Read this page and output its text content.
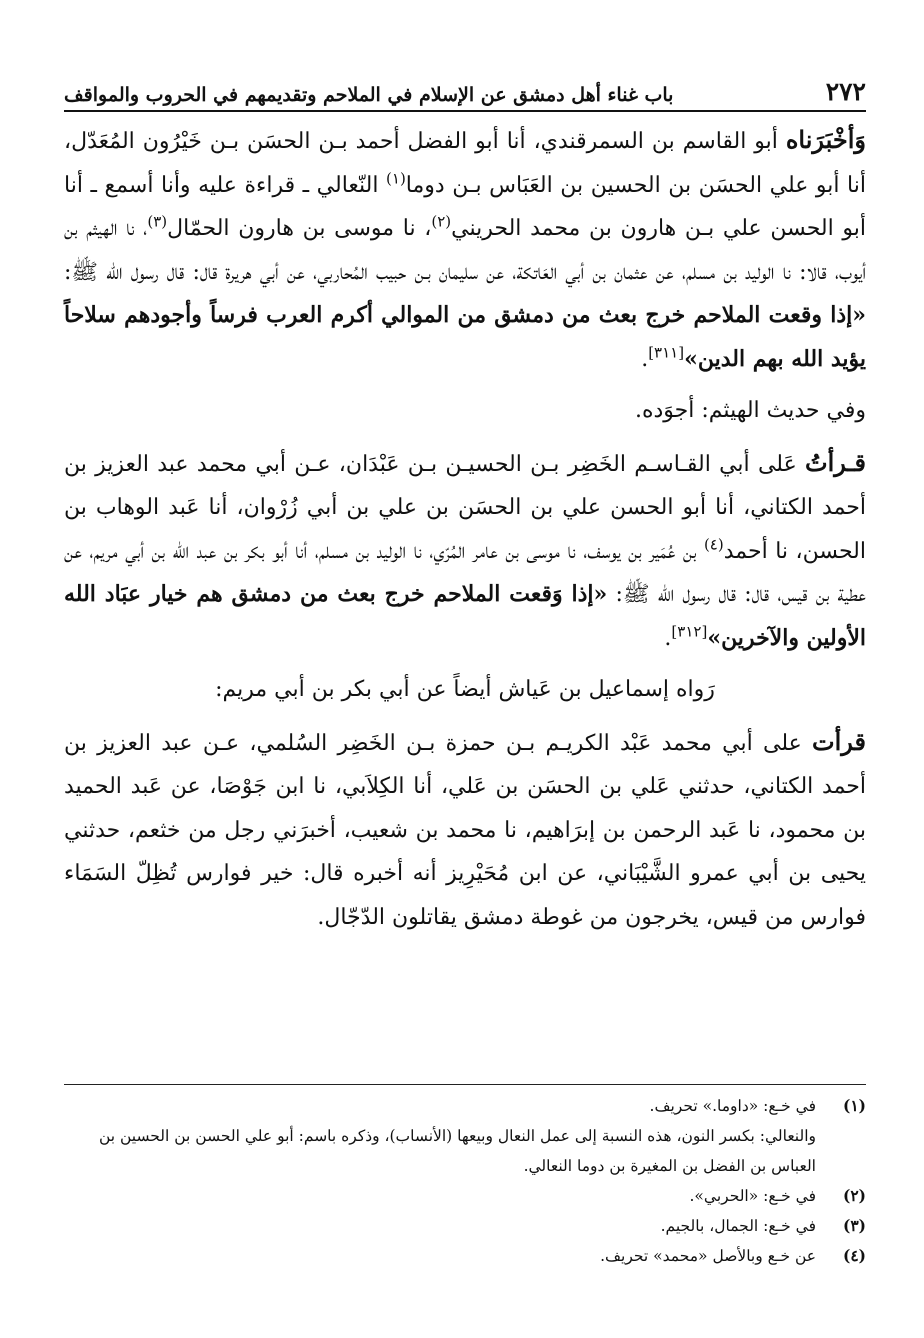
٢٧٢
باب غناء أهل دمشق عن الإسلام في الملاحم وتقديمهم في الحروب والمواقف

وَأخْبَرَناه أبو القاسم بن السمرقندي، أنا أبو الفضل أحمد بـن الحسَن بـن خَيْرُون المُعَدّل، أنا أبو علي الحسَن بن الحسين بن العَبَاس بـن دوما$^{(١)}$ النّعالي ـ قراءة عليه وأنا أسمع ـ أنا أبو الحسن علي بـن هارون بن محمد الحريني$^{(٢)}$، نا موسى بن هارون الحمّال$^{(٣)}$، نا الهيثم بن أيوب، قالا: نا الوليد بن مسلم، عن عثمان بن أبي العَاتكة، عن سليمان بـن حبيب المُحاربي، عن أبي هريرة قال: قال رسول الله ﷺ: «إذا وقعت الملاحم خرج بعث من دمشق من الموالي أكرم العرب فرساً وأجودهم سلاحاً يؤيد الله بهم الدين»[٣١١].

وفي حديث الهيثم: أجوَده.

قـرأتُ عَلى أبي القـاسـم الخَضِر بـن الحسيـن بـن عَبْدَان، عـن أبي محمد عبد العزيز بن أحمد الكتاني، أنا أبو الحسن علي بن الحسَن بن علي بن أبي زُرْوان، أنا عَبد الوهاب بن الحسن، نا أحمد$^{(٤)}$ بن عُمَير بن يوسف، نا موسى بن عامر المُرّي، نا الوليد بن مسلم، أنا أبو بكر بن عبد اللّه بن أبي مريم، عن عطية بن قيس، قال: قال رسول الله ﷺ: «إذا وَقعت الملاحم خرج بعث من دمشق هم خيار عبَاد الله الأولين والآخرين»[٣١٢].

رَواه إسماعيل بن عَياش أيضاً عن أبي بكر بن أبي مريم:

قرأت على أبي محمد عَبْد الكريـم بـن حمزة بـن الخَضِر السُلمي، عـن عبد العزيز بن أحمد الكتاني، حدثني عَلي بن الحسَن بن عَلي، أنا الكِلاَبي، نا ابن جَوْصَا، عن عَبد الحميد بن محمود، نا عَبد الرحمن بن إبرَاهيم، نا محمد بن شعيب، أخبرَني رجل من خثعم، حدثني يحيى بن أبي عمرو الشَّيْبَاني، عن ابن مُحَيْرِيز أنه أخبره قال: خير فوارس تُظِلّ السَمَاء فوارس من قيس، يخرجون من غوطة دمشق يقاتلون الدّجّال.

(١)
في خـع: «داوما.» تحريف.
والنعالي: بكسر النون، هذه النسبة إلى عمل النعال وبيعها (الأنساب)، وذكره باسم: أبو علي الحسن بن الحسين بن العباس بن الفضل بن المغيرة بن دوما النعالي.
(٢)
في خـع: «الحربي».
(٣)
في خـع: الجمال، بالجيم.
(٤)
عن خـع وبالأصل «محمد» تحريف.
